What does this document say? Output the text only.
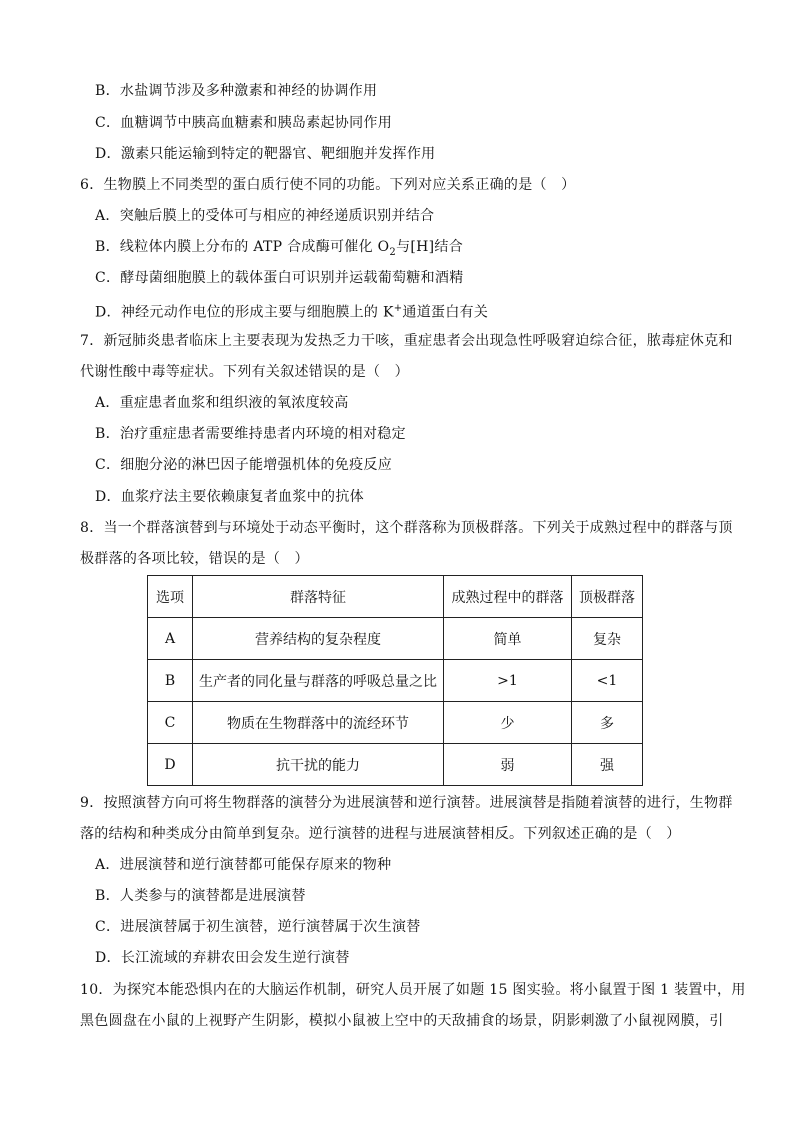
B．水盐调节涉及多种激素和神经的协调作用
C．血糖调节中胰高血糖素和胰岛素起协同作用
D．激素只能运输到特定的靶器官、靶细胞并发挥作用
6．生物膜上不同类型的蛋白质行使不同的功能。下列对应关系正确的是（　）
A．突触后膜上的受体可与相应的神经递质识别并结合
B．线粒体内膜上分布的 ATP 合成酶可催化 $O_2$与[H]结合
C．酵母菌细胞膜上的载体蛋白可识别并运载葡萄糖和酒精
D．神经元动作电位的形成主要与细胞膜上的 K+通道蛋白有关
7．新冠肺炎患者临床上主要表现为发热乏力干咳，重症患者会出现急性呼吸窘迫综合征，脓毒症休克和
代谢性酸中毒等症状。下列有关叙述错误的是（　）
A．重症患者血浆和组织液的氧浓度较高
B．治疗重症患者需要维持患者内环境的相对稳定
C．细胞分泌的淋巴因子能增强机体的免疫反应
D．血浆疗法主要依赖康复者血浆中的抗体
8．当一个群落演替到与环境处于动态平衡时，这个群落称为顶极群落。下列关于成熟过程中的群落与顶
极群落的各项比较，错误的是（　）
选项	群落特征	成熟过程中的群落	顶极群落
A	营养结构的复杂程度	简单	复杂
B	生产者的同化量与群落的呼吸总量之比	>1	<1
C	物质在生物群落中的流经环节	少	多
D	抗干扰的能力	弱	强
9．按照演替方向可将生物群落的演替分为进展演替和逆行演替。进展演替是指随着演替的进行，生物群
落的结构和种类成分由简单到复杂。逆行演替的进程与进展演替相反。下列叙述正确的是（　）
A．进展演替和逆行演替都可能保存原来的物种
B．人类参与的演替都是进展演替
C．进展演替属于初生演替，逆行演替属于次生演替
D．长江流域的弃耕农田会发生逆行演替
10．为探究本能恐惧内在的大脑运作机制，研究人员开展了如题 15 图实验。将小鼠置于图 1 装置中，用
黑色圆盘在小鼠的上视野产生阴影，模拟小鼠被上空中的天敌捕食的场景，阴影刺激了小鼠视网膜，引
